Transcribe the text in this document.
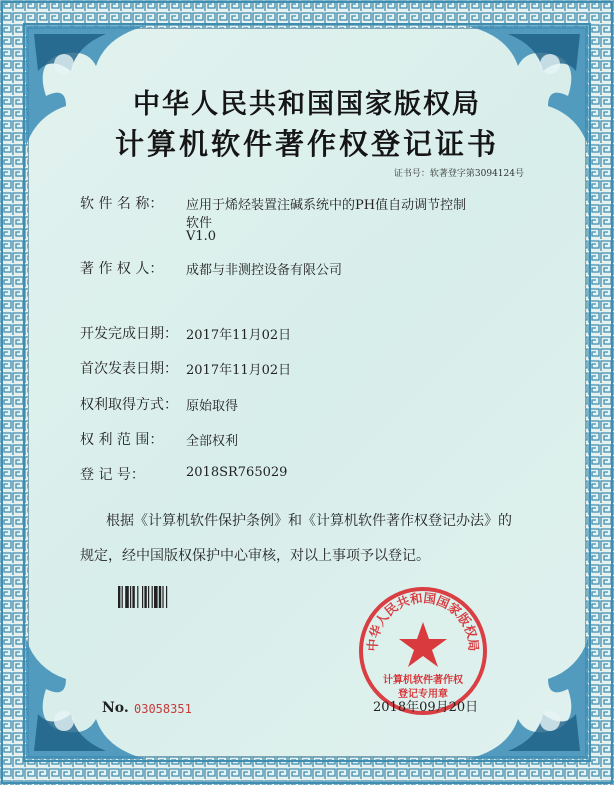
中华人民共和国国家版权局
计算机软件著作权登记证书
证书号：软著登字第3094124号
软 件 名 称： 应用于烯烃装置注碱系统中的PH值自动调节控制
软件
V1.0
著 作 权 人： 成都与非测控设备有限公司
开发完成日期： 2017年11月02日
首次发表日期： 2017年11月02日
权利取得方式： 原始取得
权 利 范 围： 全部权利
登 记 号：	2018SR765029
根据《计算机软件保护条例》和《计算机软件著作权登记办法》的
规定，经中国版权保护中心审核，对以上事项予以登记。
中华人民共和国国家版权局
计算机软件著作权
登记专用章
No. 03058351	2018年09月20日
